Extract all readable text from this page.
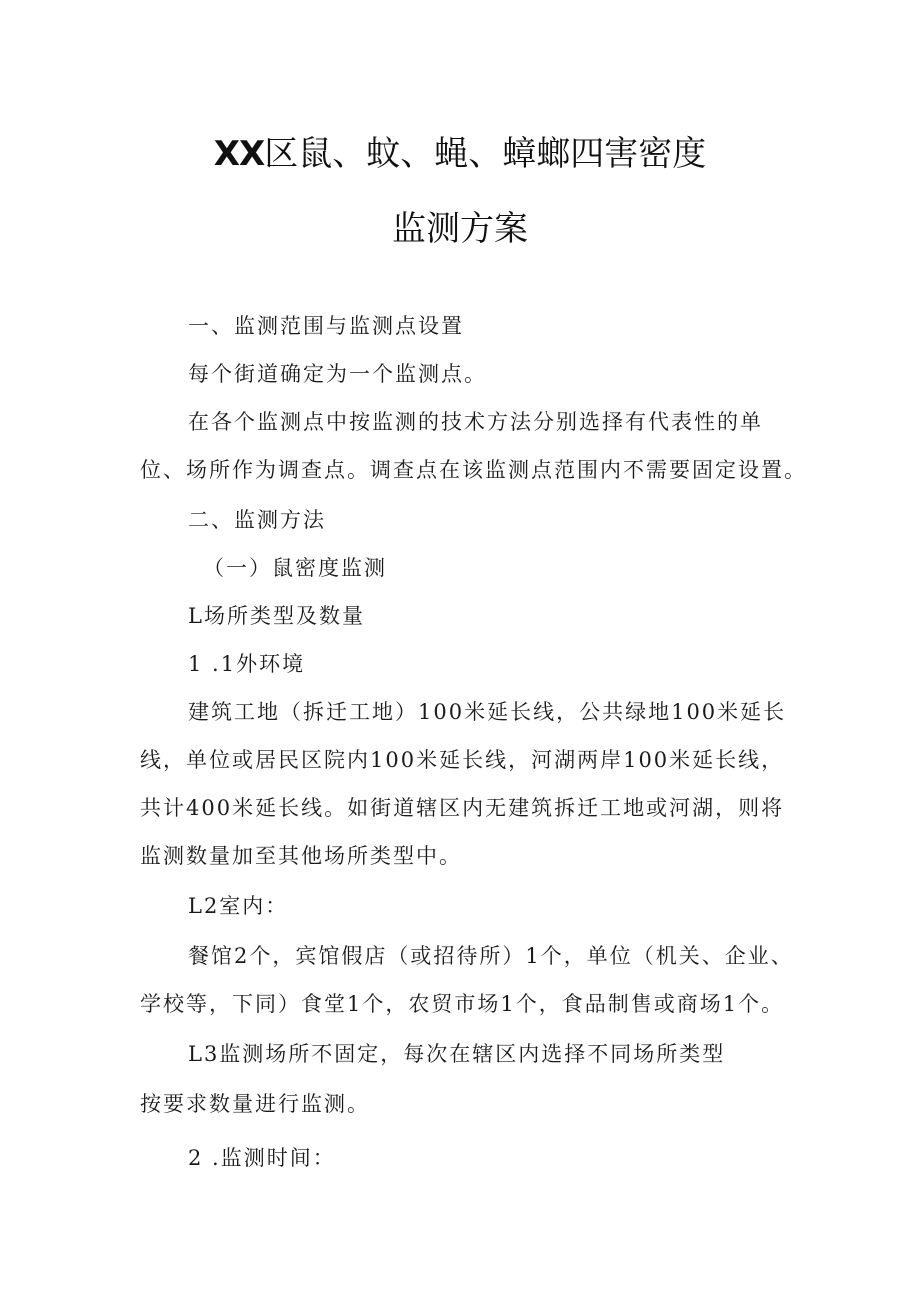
XX区鼠、蚊、蝇、蟑螂四害密度
监测方案

一、监测范围与监测点设置

每个街道确定为一个监测点。

在各个监测点中按监测的技术方法分别选择有代表性的单

位、场所作为调查点。调查点在该监测点范围内不需要固定设置。

二、监测方法

（一）鼠密度监测

L场所类型及数量

1 .1外环境

建筑工地（拆迁工地）100米延长线，公共绿地100米延长

线，单位或居民区院内100米延长线，河湖两岸100米延长线，

共计400米延长线。如街道辖区内无建筑拆迁工地或河湖，则将

监测数量加至其他场所类型中。

L2室内：

餐馆2个，宾馆假店（或招待所）1个，单位（机关、企业、

学校等，下同）食堂1个，农贸市场1个，食品制售或商场1个。

L3监测场所不固定，每次在辖区内选择不同场所类型

按要求数量进行监测。

2 .监测时间：
